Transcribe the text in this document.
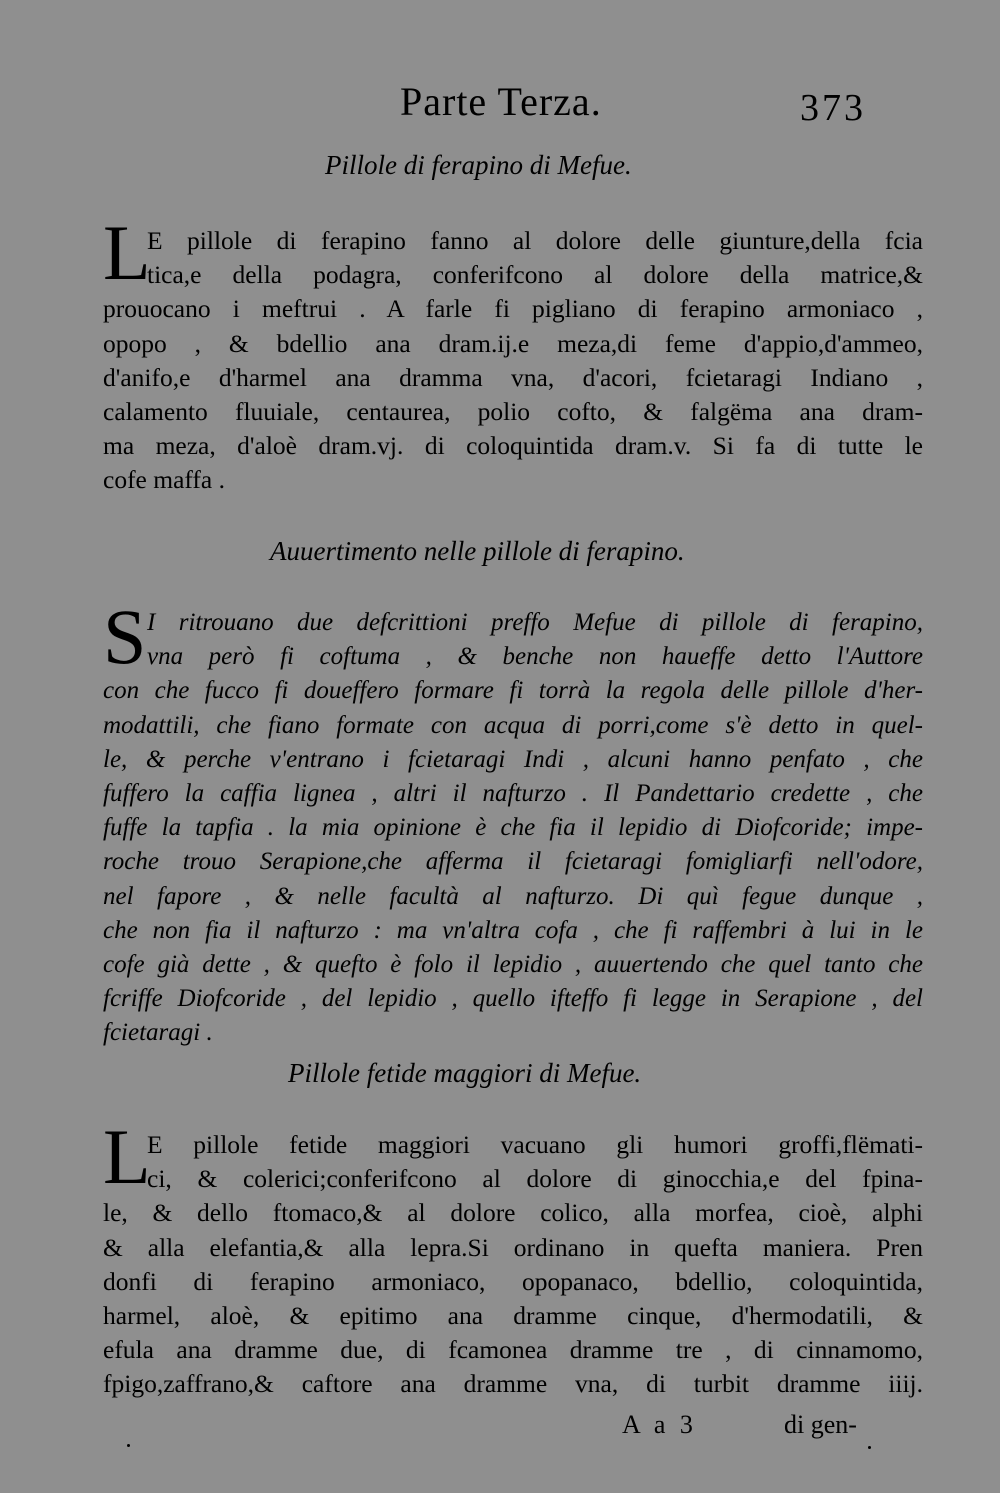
Parte Terza.	373
Pillole di ferapino di Mefue.
L
E pillole di ferapino fanno al dolore delle giunture,della fcia
tica,e della podagra, conferifcono al dolore della matrice,&
prouocano i meftrui . A farle fi pigliano di ferapino armoniaco ,
opopo , & bdellio ana dram.ij.e meza,di feme d'appio,d'ammeo,
d'anifo,e d'harmel ana dramma vna, d'acori, fcietaragi Indiano ,
calamento fluuiale, centaurea, polio cofto, & falgëma ana dram-
ma meza, d'aloè dram.vj. di coloquintida dram.v. Si fa di tutte le
cofe maffa .
Auuertimento nelle pillole di ferapino.
S I ritrouano due defcrittioni preffo Mefue di pillole di ferapino,
vna però fi coftuma , & benche non haueffe detto l'Auttore
con che fucco fi doueffero formare fi torrà la regola delle pillole d'her-
modattili, che fiano formate con acqua di porri,come s'è detto in quel-
le, & perche v'entrano i fcietaragi Indi , alcuni hanno penfato , che
fuffero la caffia lignea , altri il nafturzo . Il Pandettario credette , che
fuffe la tapfia . la mia opinione è che fia il lepidio di Diofcoride; impe-
roche trouo Serapione,che afferma il fcietaragi fomigliarfi nell'odore,
nel fapore , & nelle facultà al nafturzo. Di quì fegue dunque ,
che non fia il nafturzo : ma vn'altra cofa , che fi raffembri à lui in le
cofe già dette , & quefto è folo il lepidio , auuertendo che quel tanto che
fcriffe Diofcoride , del lepidio , quello ifteffo fi legge in Serapione , del
fcietaragi .
Pillole fetide maggiori di Mefue.
L
E pillole fetide maggiori vacuano gli humori groffi,flëmati-
ci, & colerici;conferifcono al dolore di ginocchia,e del fpina-
le, & dello ftomaco,& al dolore colico, alla morfea, cioè, alphi
& alla elefantia,& alla lepra.Si ordinano in quefta maniera. Pren
donfi di ferapino armoniaco, opopanaco, bdellio, coloquintida,
harmel, aloè, & epitimo ana dramme cinque, d'hermodatili, &
efula ana dramme due, di fcamonea dramme tre , di cinnamomo,
fpigo,zaffrano,& caftore ana dramme vna, di turbit dramme iiij.
A a 3	di gen-
